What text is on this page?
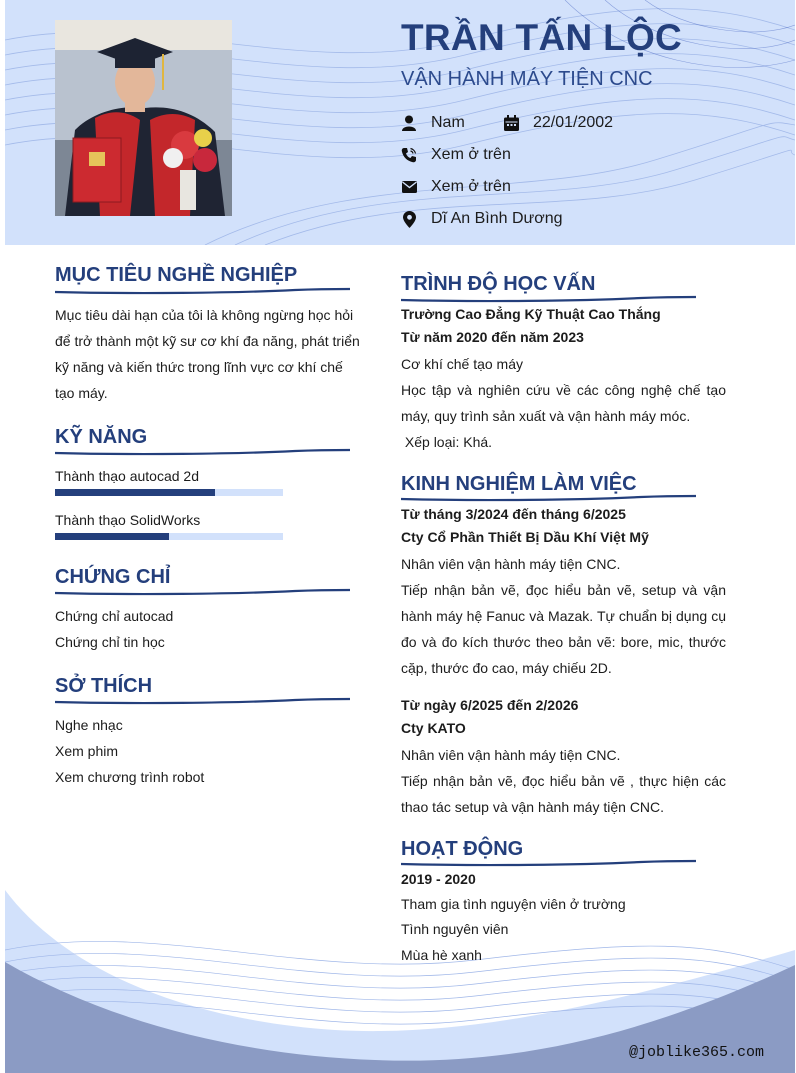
TRẦN TẤN LỘC
VẬN HÀNH MÁY TIỆN CNC
Nam	22/01/2002
Xem ở trên
Xem ở trên
Dĩ An Bình Dương
MỤC TIÊU NGHỀ NGHIỆP
Mục tiêu dài hạn của tôi là không ngừng học hỏi để trở thành một kỹ sư cơ khí đa năng, phát triển kỹ năng và kiến thức trong lĩnh vực cơ khí chế tạo máy.
KỸ NĂNG
Thành thạo autocad 2d
Thành thạo SolidWorks
CHỨNG CHỈ
Chứng chỉ autocad
Chứng chỉ tin học
SỞ THÍCH
Nghe nhạc
Xem phim
Xem chương trình robot
TRÌNH ĐỘ HỌC VẤN
Trường Cao Đẳng Kỹ Thuật Cao Thắng
Từ năm 2020 đến năm 2023
Cơ khí chế tạo máy
Học tập và nghiên cứu về các công nghệ chế tạo máy, quy trình sản xuất và vận hành máy móc.
Xếp loại: Khá.
KINH NGHIỆM LÀM VIỆC
Từ tháng 3/2024 đến tháng 6/2025
Cty Cổ Phần Thiết Bị Dầu Khí Việt Mỹ
Nhân viên vận hành máy tiện CNC.
Tiếp nhận bản vẽ, đọc hiểu bản vẽ, setup và vận hành máy hệ Fanuc và Mazak. Tự chuẩn bị dụng cụ đo và đo kích thước theo bản vẽ: bore, mic, thước cặp, thước đo cao, máy chiếu 2D.
Từ ngày 6/2025 đến 2/2026
Cty KATO
Nhân viên vận hành máy tiện CNC.
Tiếp nhận bản vẽ, đọc hiểu bản vẽ , thực hiện các thao tác setup và vận hành máy tiện CNC.
HOẠT ĐỘNG
2019 - 2020
Tham gia tình nguyện viên ở trường
Tình nguyên viên
Mùa hè xanh
@joblike365.com
